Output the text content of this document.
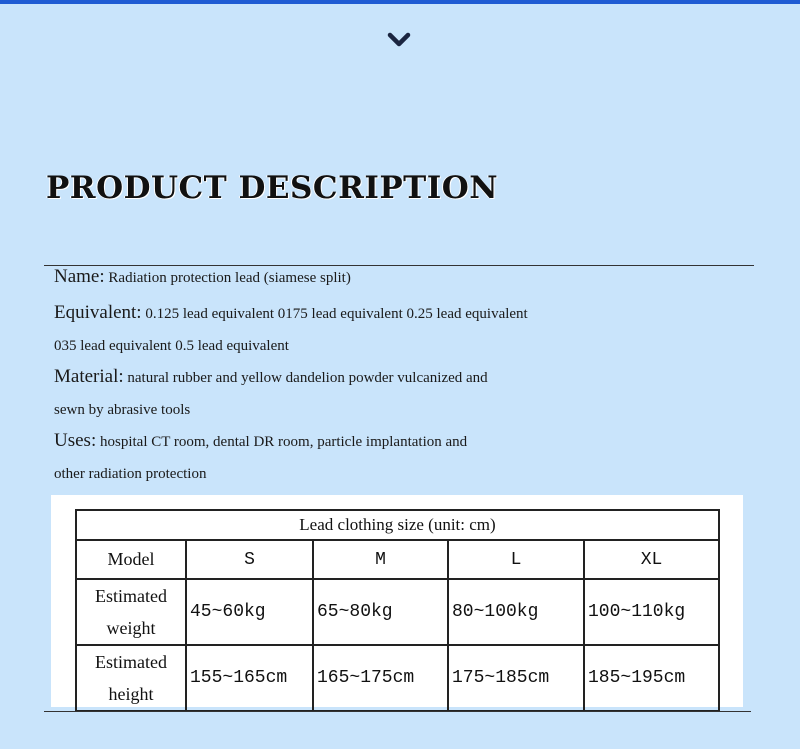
PRODUCT DESCRIPTION
Name: Radiation protection lead (siamese split)
Equivalent: 0.125 lead equivalent 0175 lead equivalent 0.25 lead equivalent
035 lead equivalent 0.5 lead equivalent
Material: natural rubber and yellow dandelion powder vulcanized and
sewn by abrasive tools
Uses: hospital CT room, dental DR room, particle implantation and
other radiation protection
Lead clothing size (unit: cm)				
Model	S	M	L	XL

Estimated
weight	45~60kg	65~80kg	80~100kg	100~110kg

Estimated
height	155~165cm	165~175cm	175~185cm	185~195cm
